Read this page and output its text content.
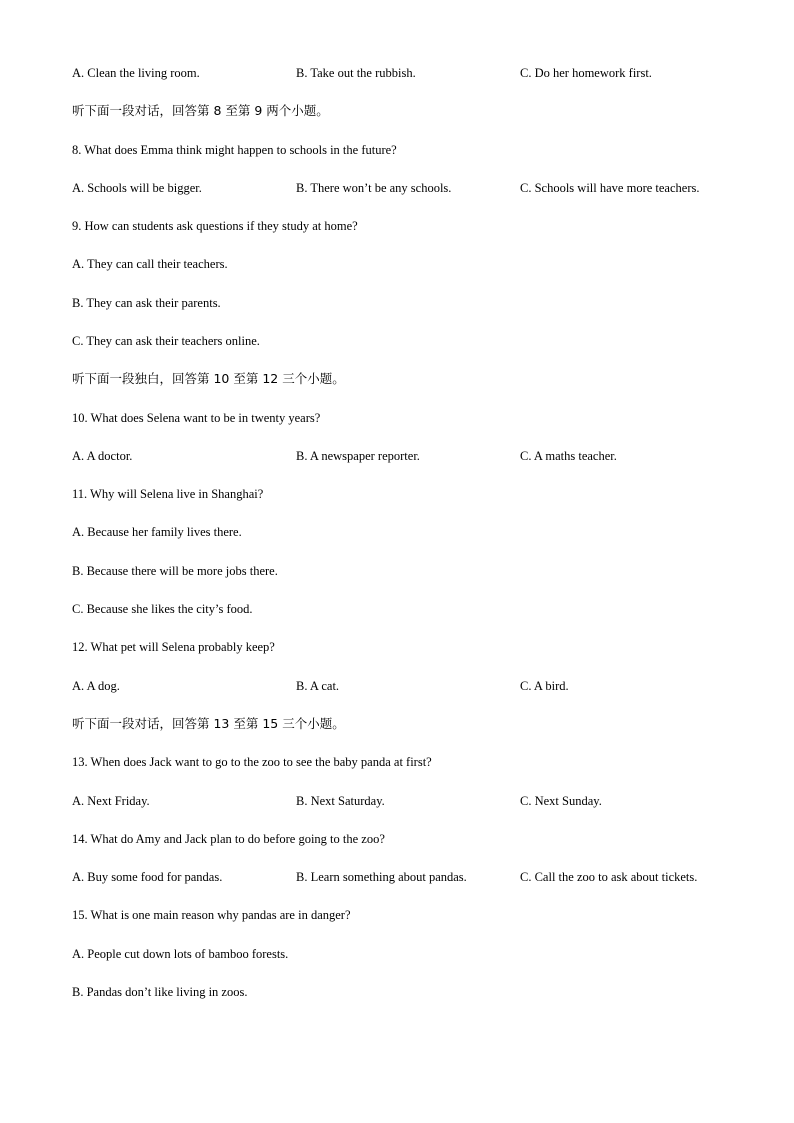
A. Clean the living room.	B. Take out the rubbish.	C. Do her homework first.
听下面一段对话，回答第 8 至第 9 两个小题。
8. What does Emma think might happen to schools in the future?
A. Schools will be bigger.	B. There won’t be any schools.	C. Schools will have more teachers.
9. How can students ask questions if they study at home?
A. They can call their teachers.
B. They can ask their parents.
C. They can ask their teachers online.
听下面一段独白，回答第 10 至第 12 三个小题。
10. What does Selena want to be in twenty years?
A. A doctor.	B. A newspaper reporter.	C. A maths teacher.
11. Why will Selena live in Shanghai?
A. Because her family lives there.
B. Because there will be more jobs there.
C. Because she likes the city’s food.
12. What pet will Selena probably keep?
A. A dog.	B. A cat.	C. A bird.
听下面一段对话，回答第 13 至第 15 三个小题。
13. When does Jack want to go to the zoo to see the baby panda at first?
A. Next Friday.	B. Next Saturday.	C. Next Sunday.
14. What do Amy and Jack plan to do before going to the zoo?
A. Buy some food for pandas.	B. Learn something about pandas.	C. Call the zoo to ask about tickets.
15. What is one main reason why pandas are in danger?
A. People cut down lots of bamboo forests.
B. Pandas don’t like living in zoos.
